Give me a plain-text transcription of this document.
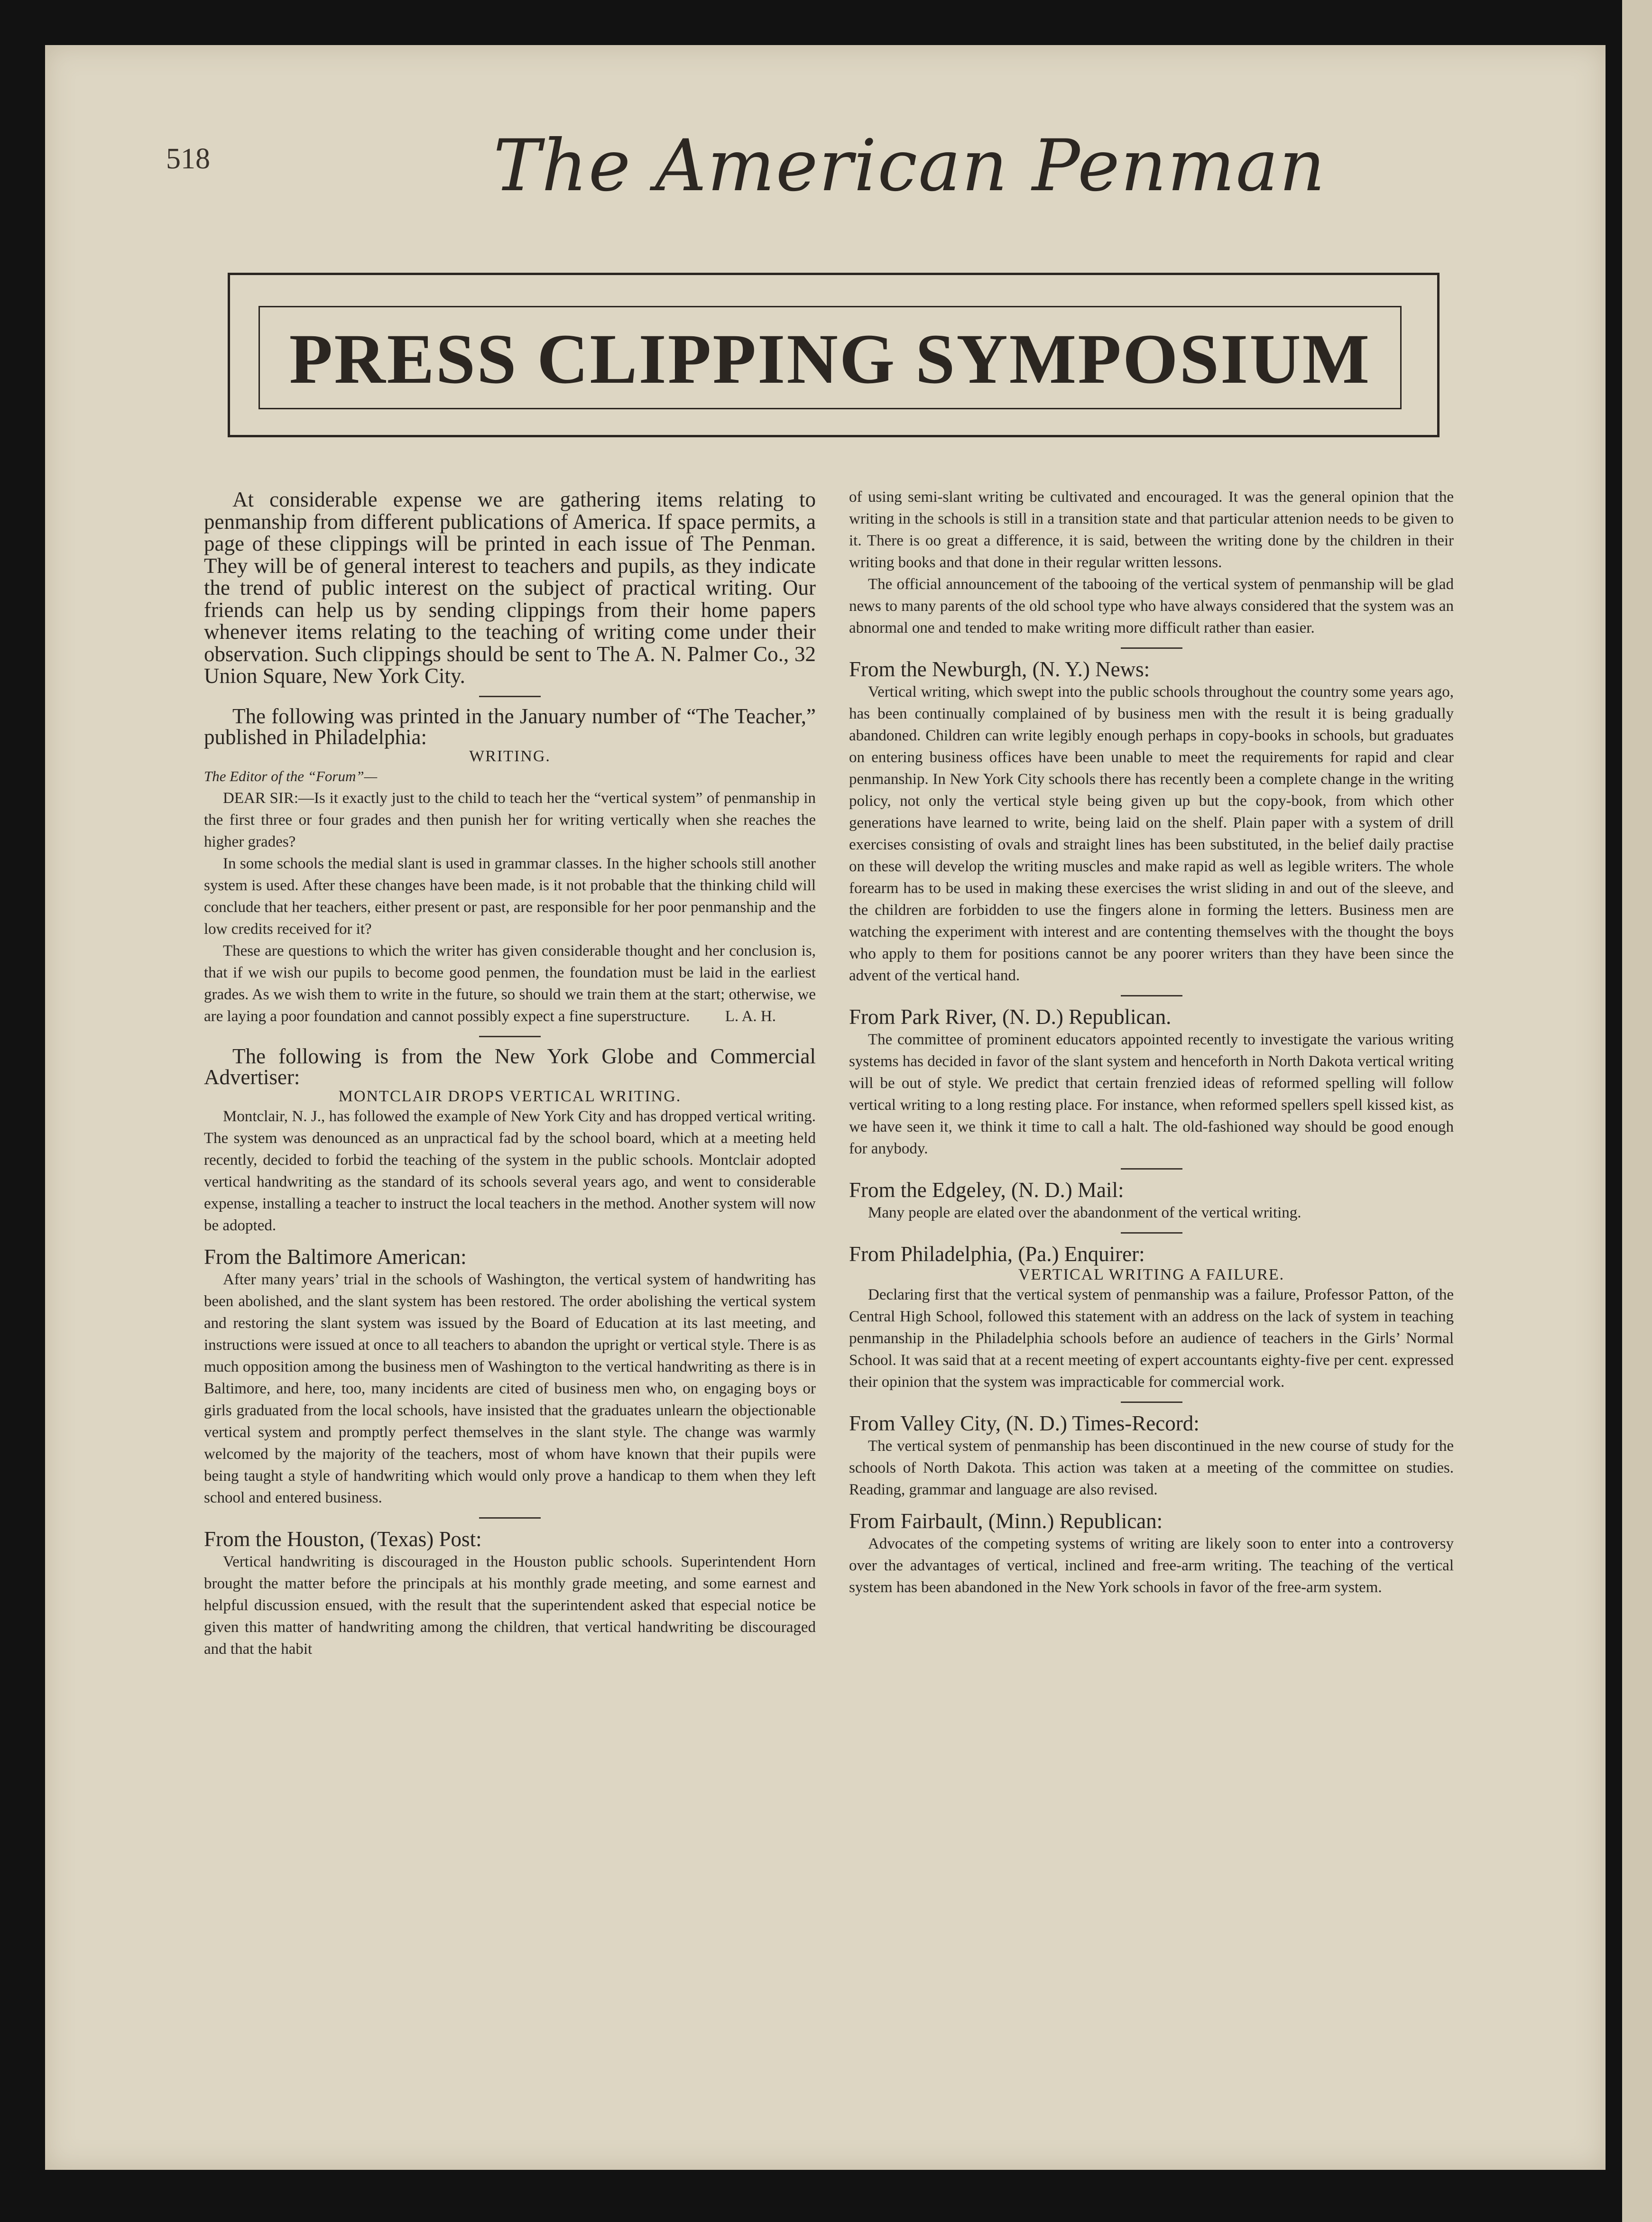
518	The American Penman
PRESS CLIPPING SYMPOSIUM

At considerable expense we are gathering items relating to penmanship from different publications of America. If space permits, a page of these clippings will be printed in each issue of The Penman. They will be of general interest to teachers and pupils, as they indicate the trend of public interest on the subject of practical writing. Our friends can help us by sending clippings from their home papers whenever items relating to the teaching of writing come under their observation. Such clippings should be sent to The A. N. Palmer Co., 32 Union Square, New York City.

The following was printed in the January number of “The Teacher,” published in Philadelphia:

WRITING.

The Editor of the “Forum”—

DEAR SIR:—Is it exactly just to the child to teach her the “vertical system” of penmanship in the first three or four grades and then punish her for writing vertically when she reaches the higher grades?

In some schools the medial slant is used in grammar classes. In the higher schools still another system is used. After these changes have been made, is it not probable that the thinking child will conclude that her teachers, either present or past, are responsible for her poor penmanship and the low credits received for it?

These are questions to which the writer has given considerable thought and her conclusion is, that if we wish our pupils to become good penmen, the foundation must be laid in the earliest grades. As we wish them to write in the future, so should we train them at the start; otherwise, we are laying a poor foundation and cannot possibly expect a fine superstructure. L. A. H.

The following is from the New York Globe and Commercial Advertiser:

MONTCLAIR DROPS VERTICAL WRITING.

Montclair, N. J., has followed the example of New York City and has dropped vertical writing. The system was denounced as an unpractical fad by the school board, which at a meeting held recently, decided to forbid the teaching of the system in the public schools. Montclair adopted vertical handwriting as the standard of its schools several years ago, and went to considerable expense, installing a teacher to instruct the local teachers in the method. Another system will now be adopted.

From the Baltimore American:

After many years’ trial in the schools of Washington, the vertical system of handwriting has been abolished, and the slant system has been restored. The order abolishing the vertical system and restoring the slant system was issued by the Board of Education at its last meeting, and instructions were issued at once to all teachers to abandon the upright or vertical style. There is as much opposition among the business men of Washington to the vertical handwriting as there is in Baltimore, and here, too, many incidents are cited of business men who, on engaging boys or girls graduated from the local schools, have insisted that the graduates unlearn the objectionable vertical system and promptly perfect themselves in the slant style. The change was warmly welcomed by the majority of the teachers, most of whom have known that their pupils were being taught a style of handwriting which would only prove a handicap to them when they left school and entered business.

From the Houston, (Texas) Post:

Vertical handwriting is discouraged in the Houston public schools. Superintendent Horn brought the matter before the principals at his monthly grade meeting, and some earnest and helpful discussion ensued, with the result that the superintendent asked that especial notice be given this matter of handwriting among the children, that vertical handwriting be discouraged and that the habit

of using semi-slant writing be cultivated and encouraged. It was the general opinion that the writing in the schools is still in a transition state and that particular attenion needs to be given to it. There is oo great a difference, it is said, between the writing done by the children in their writing books and that done in their regular written lessons.

The official announcement of the tabooing of the vertical system of penmanship will be glad news to many parents of the old school type who have always considered that the system was an abnormal one and tended to make writing more difficult rather than easier.

From the Newburgh, (N. Y.) News:

Vertical writing, which swept into the public schools throughout the country some years ago, has been continually complained of by business men with the result it is being gradually abandoned. Children can write legibly enough perhaps in copy-books in schools, but graduates on entering business offices have been unable to meet the requirements for rapid and clear penmanship. In New York City schools there has recently been a complete change in the writing policy, not only the vertical style being given up but the copy-book, from which other generations have learned to write, being laid on the shelf. Plain paper with a system of drill exercises consisting of ovals and straight lines has been substituted, in the belief daily practise on these will develop the writing muscles and make rapid as well as legible writers. The whole forearm has to be used in making these exercises the wrist sliding in and out of the sleeve, and the children are forbidden to use the fingers alone in forming the letters. Business men are watching the experiment with interest and are contenting themselves with the thought the boys who apply to them for positions cannot be any poorer writers than they have been since the advent of the vertical hand.

From Park River, (N. D.) Republican.

The committee of prominent educators appointed recently to investigate the various writing systems has decided in favor of the slant system and henceforth in North Dakota vertical writing will be out of style. We predict that certain frenzied ideas of reformed spelling will follow vertical writing to a long resting place. For instance, when reformed spellers spell kissed kist, as we have seen it, we think it time to call a halt. The old-fashioned way should be good enough for anybody.

From the Edgeley, (N. D.) Mail:

Many people are elated over the abandonment of the vertical writing.

From Philadelphia, (Pa.) Enquirer:

VERTICAL WRITING A FAILURE.

Declaring first that the vertical system of penmanship was a failure, Professor Patton, of the Central High School, followed this statement with an address on the lack of system in teaching penmanship in the Philadelphia schools before an audience of teachers in the Girls’ Normal School. It was said that at a recent meeting of expert accountants eighty-five per cent. expressed their opinion that the system was impracticable for commercial work.

From Valley City, (N. D.) Times-Record:

The vertical system of penmanship has been discontinued in the new course of study for the schools of North Dakota. This action was taken at a meeting of the committee on studies. Reading, grammar and language are also revised.

From Fairbault, (Minn.) Republican:

Advocates of the competing systems of writing are likely soon to enter into a controversy over the advantages of vertical, inclined and free-arm writing. The teaching of the vertical system has been abandoned in the New York schools in favor of the free-arm system.
